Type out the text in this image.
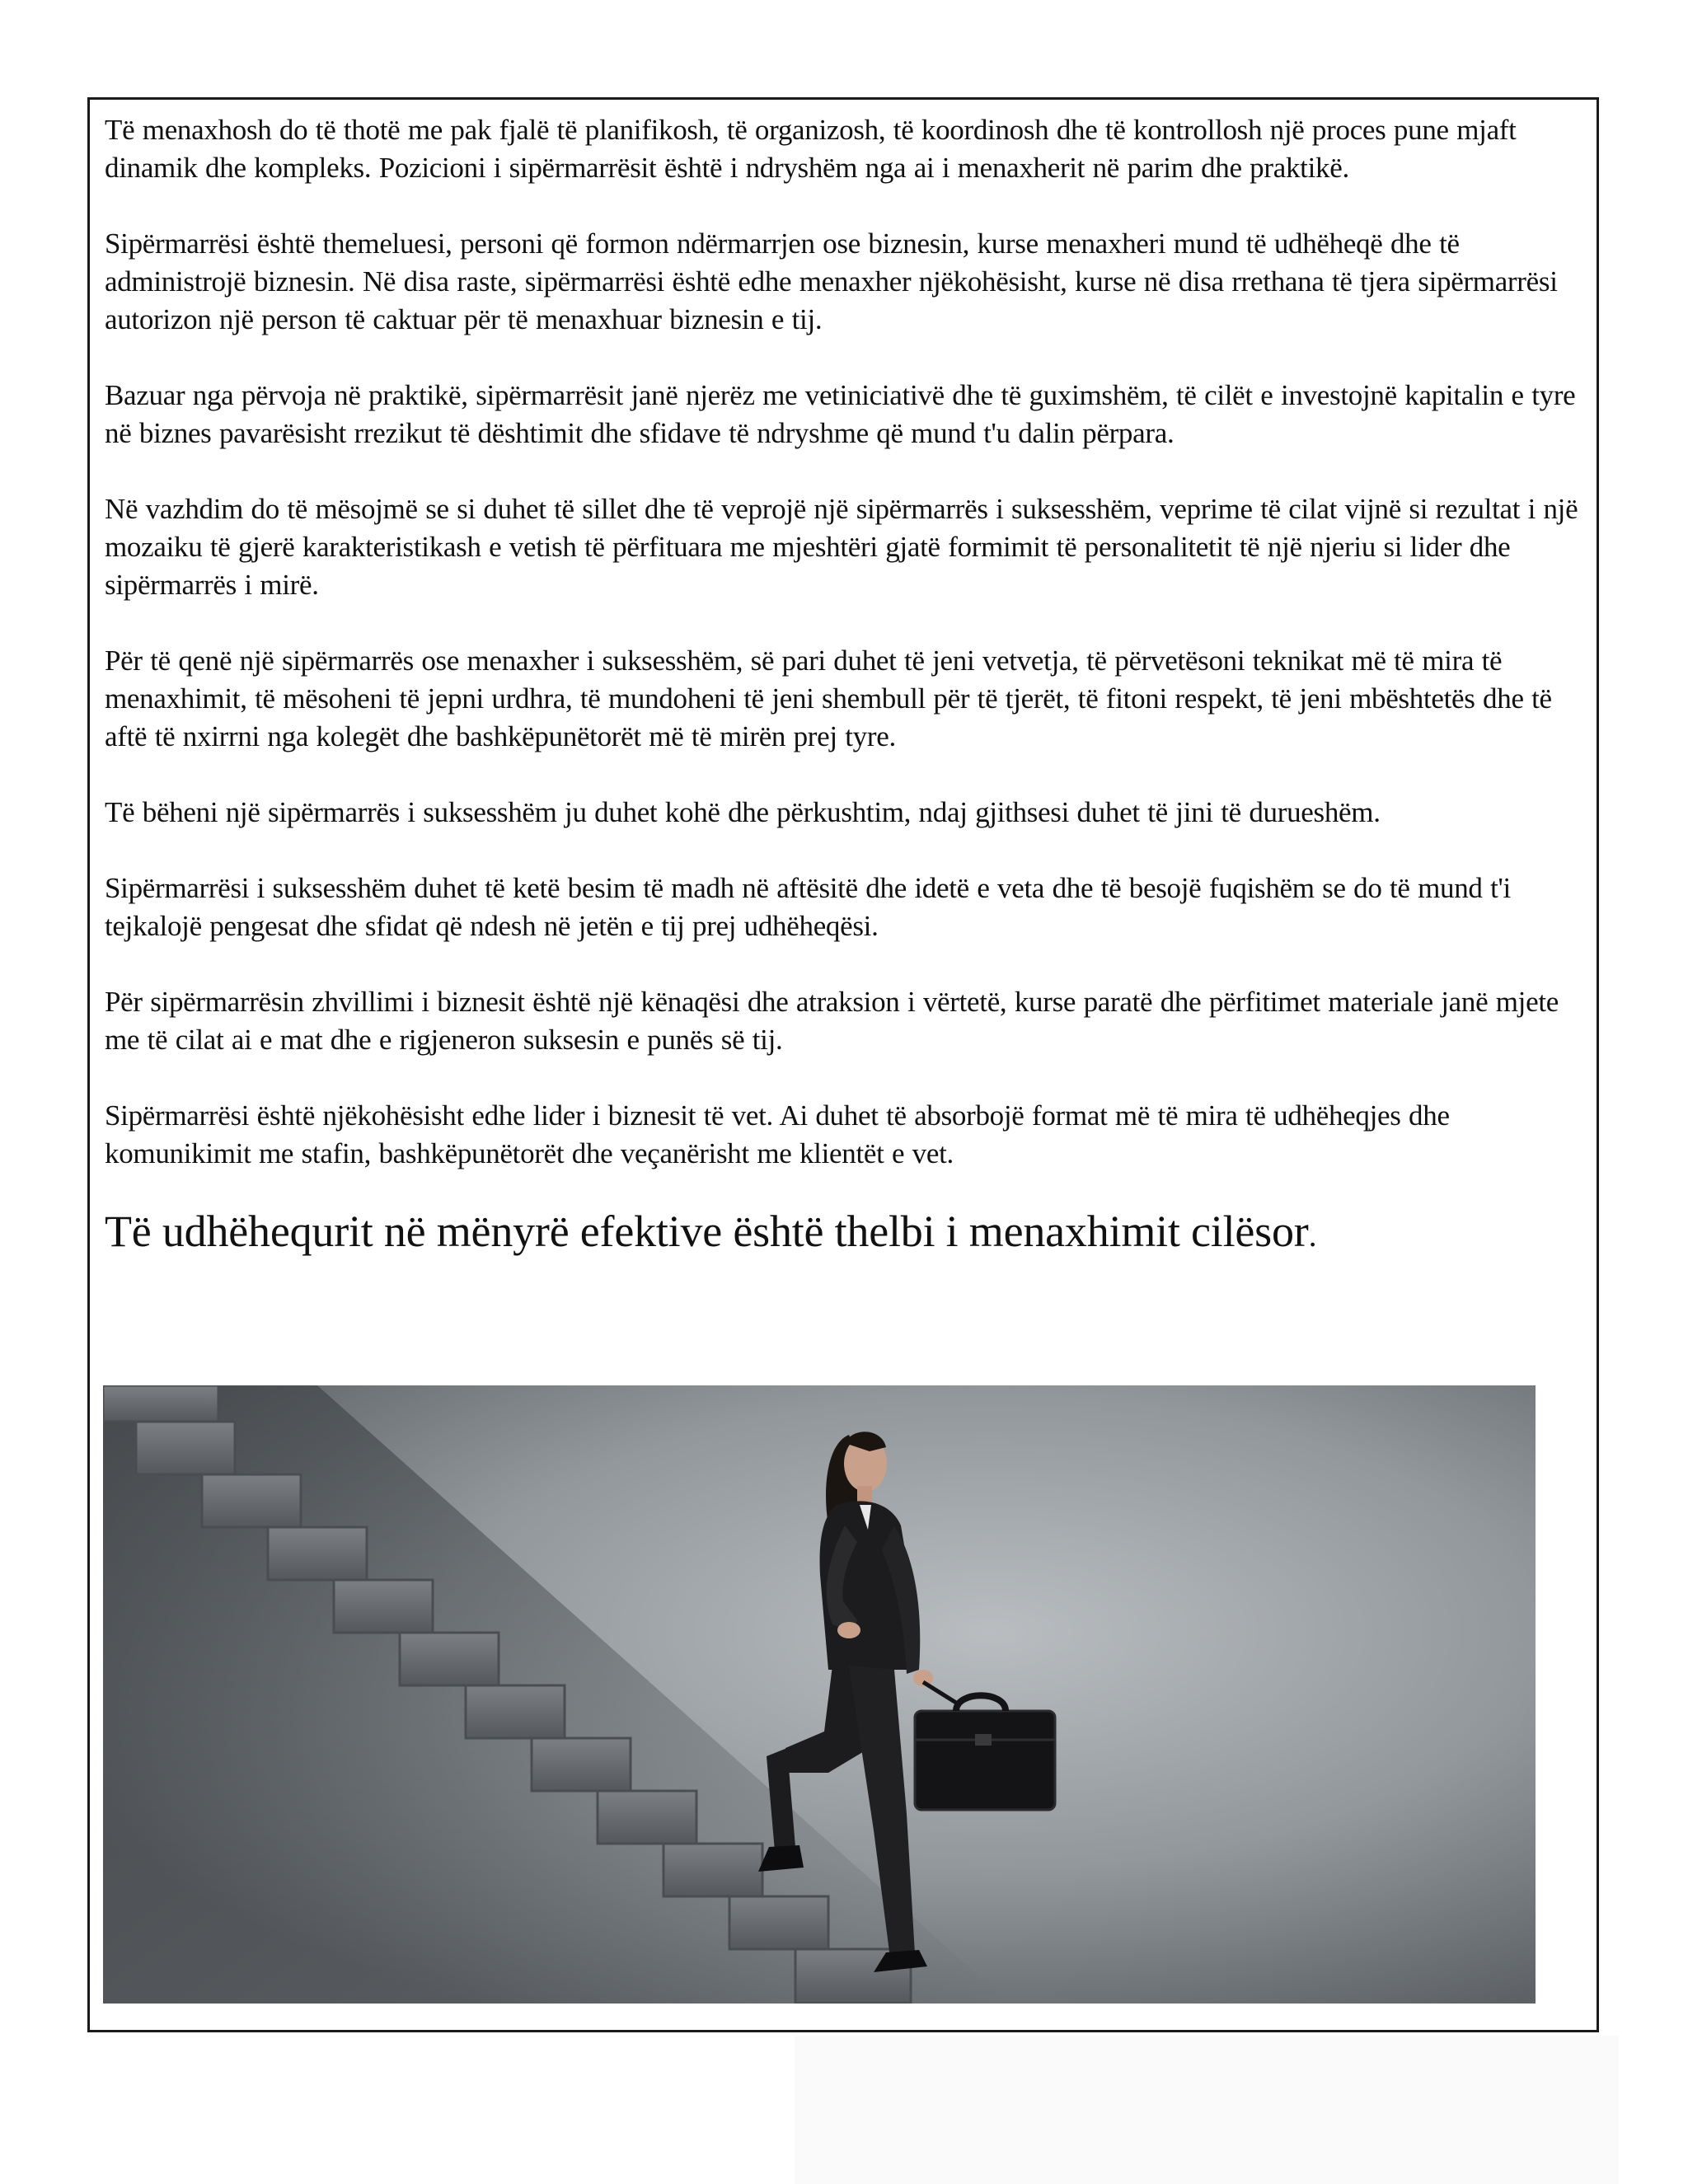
Të menaxhosh do të thotë me pak fjalë të planifikosh, të organizosh, të koordinosh dhe të kontrollosh një proces pune mjaft dinamik dhe kompleks. Pozicioni i sipërmarrësit është i ndryshëm nga ai i menaxherit në parim dhe praktikë.

Sipërmarrësi është themeluesi, personi që formon ndërmarrjen ose biznesin, kurse menaxheri mund të udhëheqë dhe të administrojë biznesin. Në disa raste, sipërmarrësi është edhe menaxher njëkohësisht, kurse në disa rrethana të tjera sipërmarrësi autorizon një person të caktuar për të menaxhuar biznesin e tij.

Bazuar nga përvoja në praktikë, sipërmarrësit janë njerëz me vetiniciativë dhe të guximshëm, të cilët e investojnë kapitalin e tyre në biznes pavarësisht rrezikut të dështimit dhe sfidave të ndryshme që mund t'u dalin përpara.

Në vazhdim do të mësojmë se si duhet të sillet dhe të veprojë një sipërmarrës i suksesshëm, veprime të cilat vijnë si rezultat i një mozaiku të gjerë karakteristikash e vetish të përfituara me mjeshtëri gjatë formimit të personalitetit të një njeriu si lider dhe sipërmarrës i mirë.

Për të qenë një sipërmarrës ose menaxher i suksesshëm, së pari duhet të jeni vetvetja, të përvetësoni teknikat më të mira të menaxhimit, të mësoheni të jepni urdhra, të mundoheni të jeni shembull për të tjerët, të fitoni respekt, të jeni mbështetës dhe të aftë të nxirrni nga kolegët dhe bashkëpunëtorët më të mirën prej tyre.

Të bëheni një sipërmarrës i suksesshëm ju duhet kohë dhe përkushtim, ndaj gjithsesi duhet të jini të durueshëm.

Sipërmarrësi i suksesshëm duhet të ketë besim të madh në aftësitë dhe idetë e veta dhe të besojë fuqishëm se do të mund t'i tejkalojë pengesat dhe sfidat që ndesh në jetën e tij prej udhëheqësi.

Për sipërmarrësin zhvillimi i biznesit është një kënaqësi dhe atraksion i vërtetë, kurse paratë dhe përfitimet materiale janë mjete me të cilat ai e mat dhe e rigjeneron suksesin e punës së tij.

Sipërmarrësi është njëkohësisht edhe lider i biznesit të vet. Ai duhet të absorbojë format më të mira të udhëheqjes dhe komunikimit me stafin, bashkëpunëtorët dhe veçanërisht me klientët e vet.

Të udhëhequrit në mënyrë efektive është thelbi i menaxhimit cilësor.
